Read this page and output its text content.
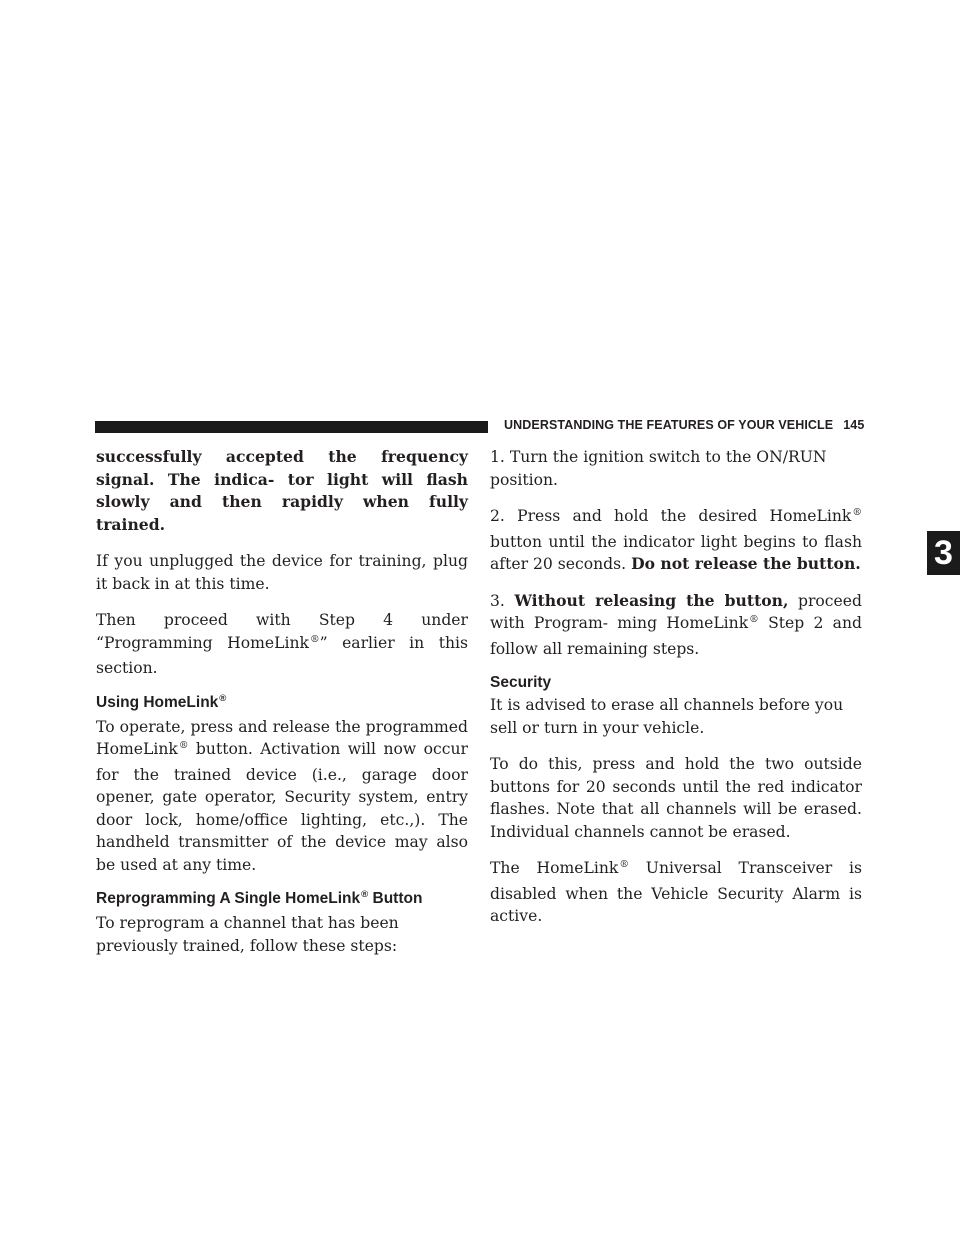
UNDERSTANDING THE FEATURES OF YOUR VEHICLE 145
3

successfully accepted the frequency signal. The indica- tor light will flash slowly and then rapidly when fully trained.

If you unplugged the device for training, plug it back in at this time.

Then proceed with Step 4 under “Programming HomeLink®” earlier in this section.

Using HomeLink®

To operate, press and release the programmed HomeLink® button. Activation will now occur for the trained device (i.e., garage door opener, gate operator, Security system, entry door lock, home/office lighting, etc.,). The handheld transmitter of the device may also be used at any time.

Reprogramming A Single HomeLink® Button

To reprogram a channel that has been previously trained, follow these steps:

1. Turn the ignition switch to the ON/RUN position.

2. Press and hold the desired HomeLink® button until the indicator light begins to flash after 20 seconds. Do not release the button.

3. Without releasing the button, proceed with Program- ming HomeLink® Step 2 and follow all remaining steps.

Security

It is advised to erase all channels before you sell or turn in your vehicle.

To do this, press and hold the two outside buttons for 20 seconds until the red indicator flashes. Note that all channels will be erased. Individual channels cannot be erased.

The HomeLink® Universal Transceiver is disabled when the Vehicle Security Alarm is active.
